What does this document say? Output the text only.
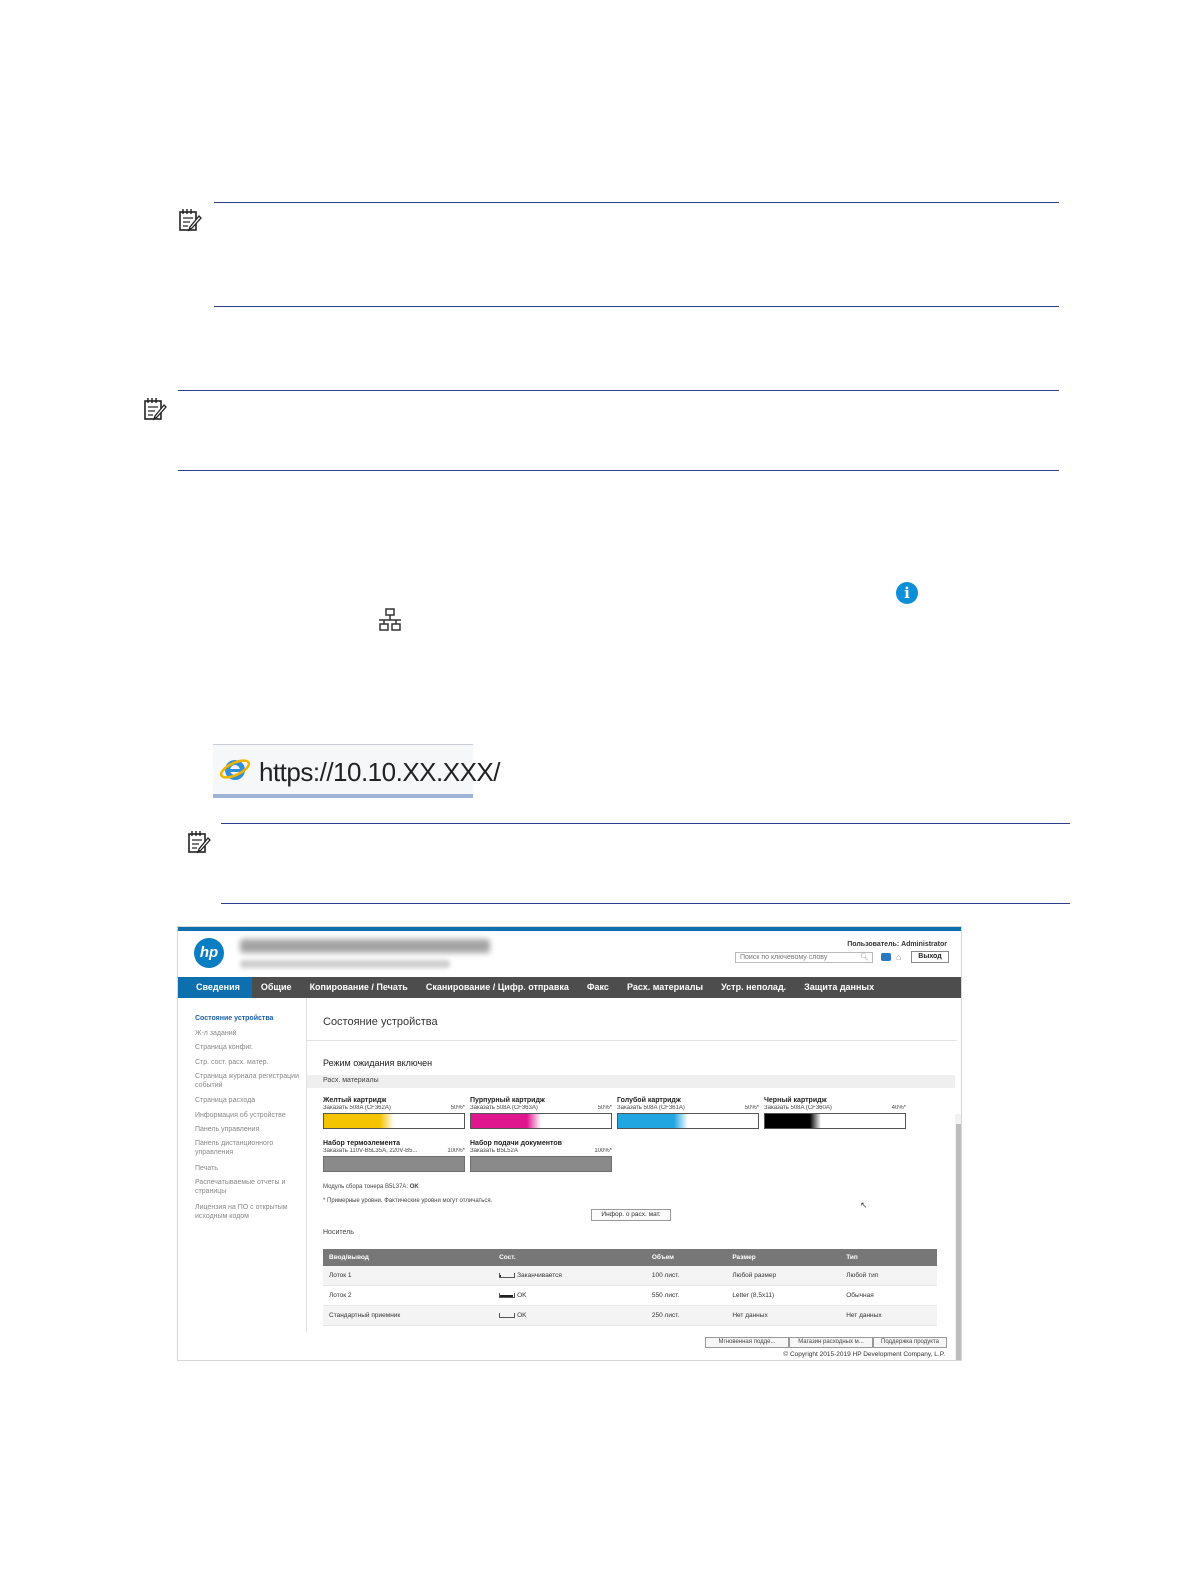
i
https://10.10.XX.XXX/
hp	Пользователь: Administrator
Поиск по ключевому слову	🔍︎	⌂	Выход
Сведения	Общие	Копирование / Печать	Сканирование / Цифр. отправка	Факс	Расх. материалы	Устр. неполад.	Защита данных
Состояние устройства
Ж-л заданий
Страница конфиг.
Стр. сост. расх. матер.
Страница журнала регистрации событий
Страница расхода
Информация об устройстве
Панель управления
Панель дистанционного управления
Печать
Распечатываемые отчеты и страницы
Лицензия на ПО с открытым исходным кодом
Состояние устройства
Режим ожидания включен
Расх. материалы
Желтый картридж
Заказать 508A (CF362A)	50%*
Пурпурный картридж
Заказать 508A (CF363A)	50%*
Голубой картридж
Заказать 508A (CF361A)	50%*
Черный картридж
Заказать 508A (CF360A)	40%*
Набор термоэлемента
Заказать 110V-B5L35A, 220V-B5...	100%*
Набор подачи документов
Заказать B5L52A	100%*
Модуль сбора тонера B5L37A: OK
* Примерные уровни. Фактические уровни могут отличаться.
Инфор. о расх. мат.
↖
Носитель
Ввод/вывод	Сост.	Объем	Размер	Тип
Лоток 1	Заканчивается	100 лист.	Любой размер	Любой тип
Лоток 2	OK	550 лист.	Letter (8,5x11)	Обычная
Стандартный приемник	OK	250 лист.	Нет данных	Нет данных
Мгновенная подде...	Магазин расходных м...	Поддержка продукта
© Copyright 2015-2019 HP Development Company, L.P.
